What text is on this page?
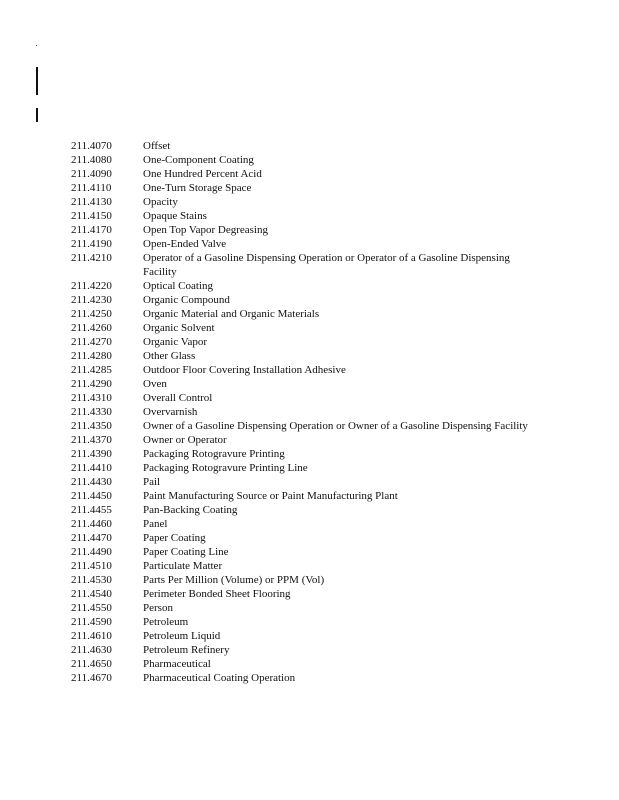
211.4070	Offset
211.4080	One-Component Coating
211.4090	One Hundred Percent Acid
211.4110	One-Turn Storage Space
211.4130	Opacity
211.4150	Opaque Stains
211.4170	Open Top Vapor Degreasing
211.4190	Open-Ended Valve
211.4210	Operator of a Gasoline Dispensing Operation or Operator of a Gasoline Dispensing Facility
211.4220	Optical Coating
211.4230	Organic Compound
211.4250	Organic Material and Organic Materials
211.4260	Organic Solvent
211.4270	Organic Vapor
211.4280	Other Glass
211.4285	Outdoor Floor Covering Installation Adhesive
211.4290	Oven
211.4310	Overall Control
211.4330	Overvarnish
211.4350	Owner of a Gasoline Dispensing Operation or Owner of a Gasoline Dispensing Facility
211.4370	Owner or Operator
211.4390	Packaging Rotogravure Printing
211.4410	Packaging Rotogravure Printing Line
211.4430	Pail
211.4450	Paint Manufacturing Source or Paint Manufacturing Plant
211.4455	Pan-Backing Coating
211.4460	Panel
211.4470	Paper Coating
211.4490	Paper Coating Line
211.4510	Particulate Matter
211.4530	Parts Per Million (Volume) or PPM (Vol)
211.4540	Perimeter Bonded Sheet Flooring
211.4550	Person
211.4590	Petroleum
211.4610	Petroleum Liquid
211.4630	Petroleum Refinery
211.4650	Pharmaceutical
211.4670	Pharmaceutical Coating Operation
